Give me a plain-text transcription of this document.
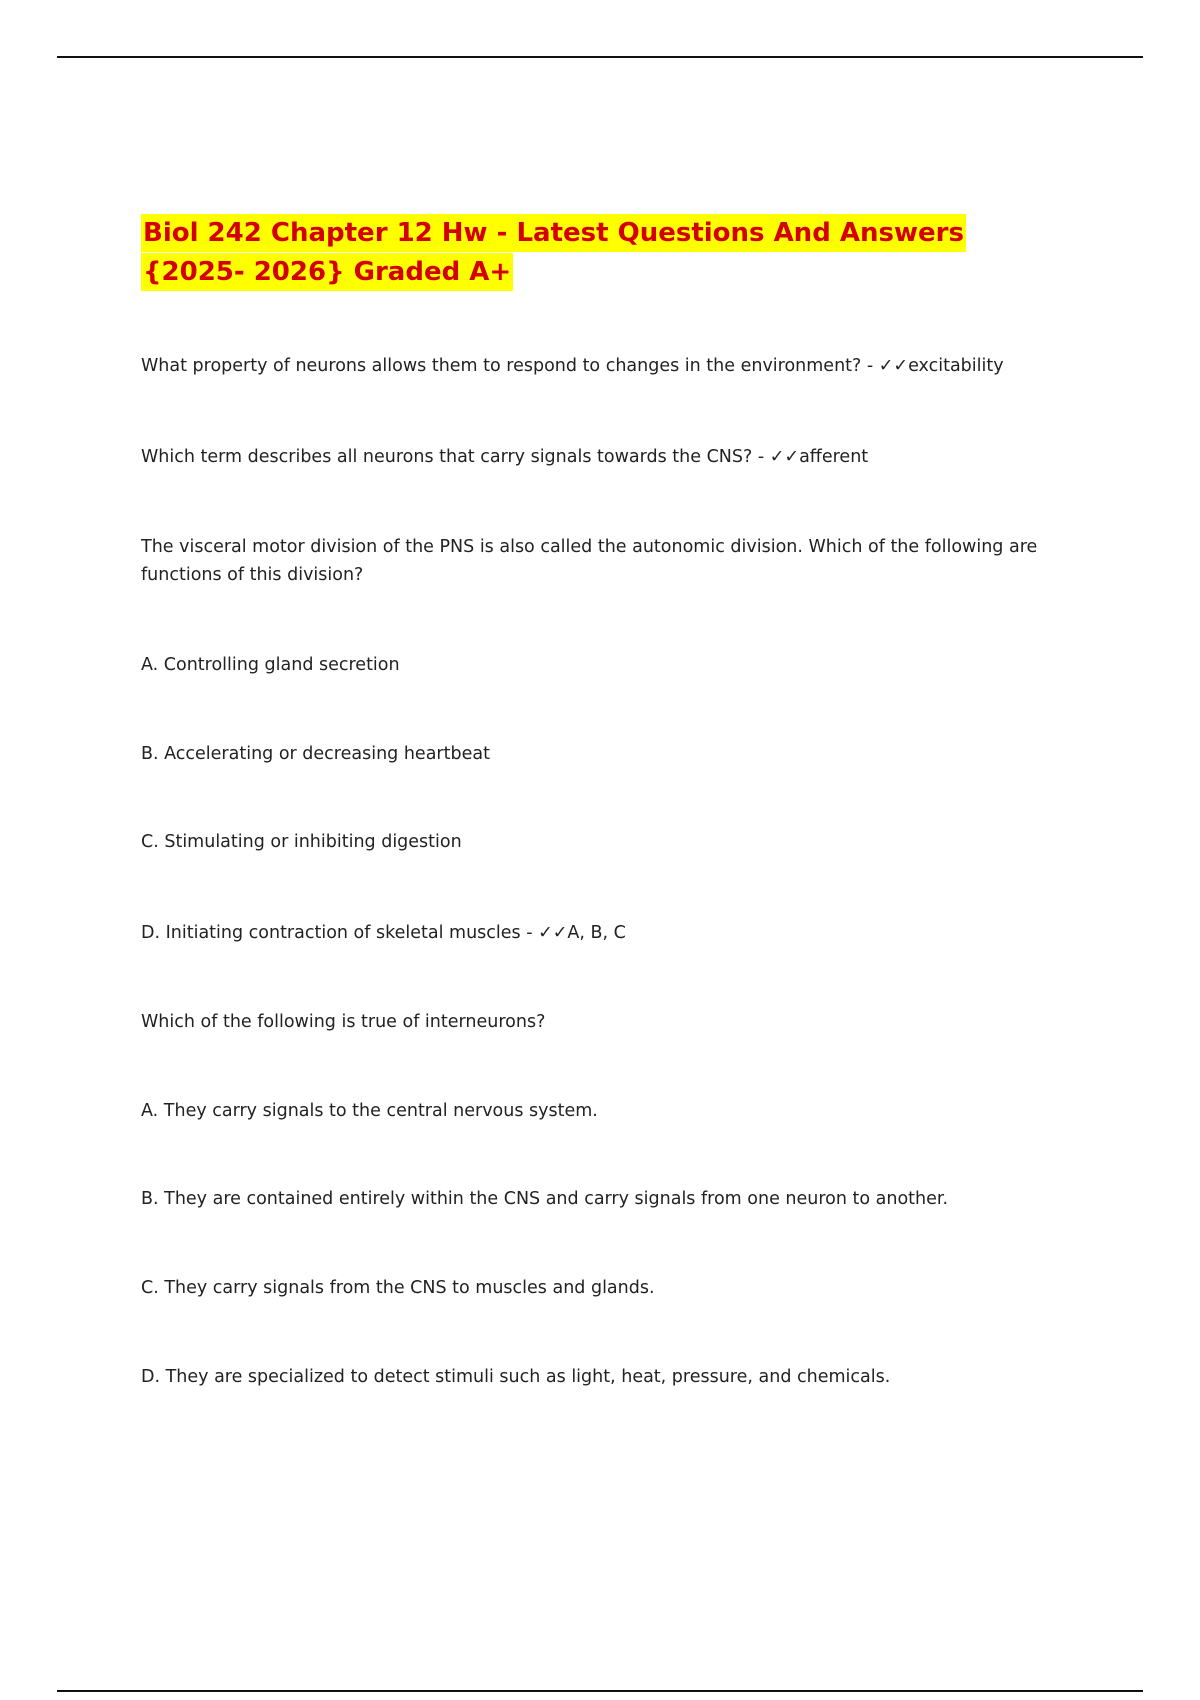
Biol 242 Chapter 12 Hw - Latest Questions And Answers
{2025- 2026} Graded A+
What property of neurons allows them to respond to changes in the environment? - ✓✓excitability
Which term describes all neurons that carry signals towards the CNS? - ✓✓afferent
The visceral motor division of the PNS is also called the autonomic division. Which of the following are functions of this division?
A. Controlling gland secretion
B. Accelerating or decreasing heartbeat
C. Stimulating or inhibiting digestion
D. Initiating contraction of skeletal muscles - ✓✓A, B, C
Which of the following is true of interneurons?
A. They carry signals to the central nervous system.
B. They are contained entirely within the CNS and carry signals from one neuron to another.
C. They carry signals from the CNS to muscles and glands.
D. They are specialized to detect stimuli such as light, heat, pressure, and chemicals.
